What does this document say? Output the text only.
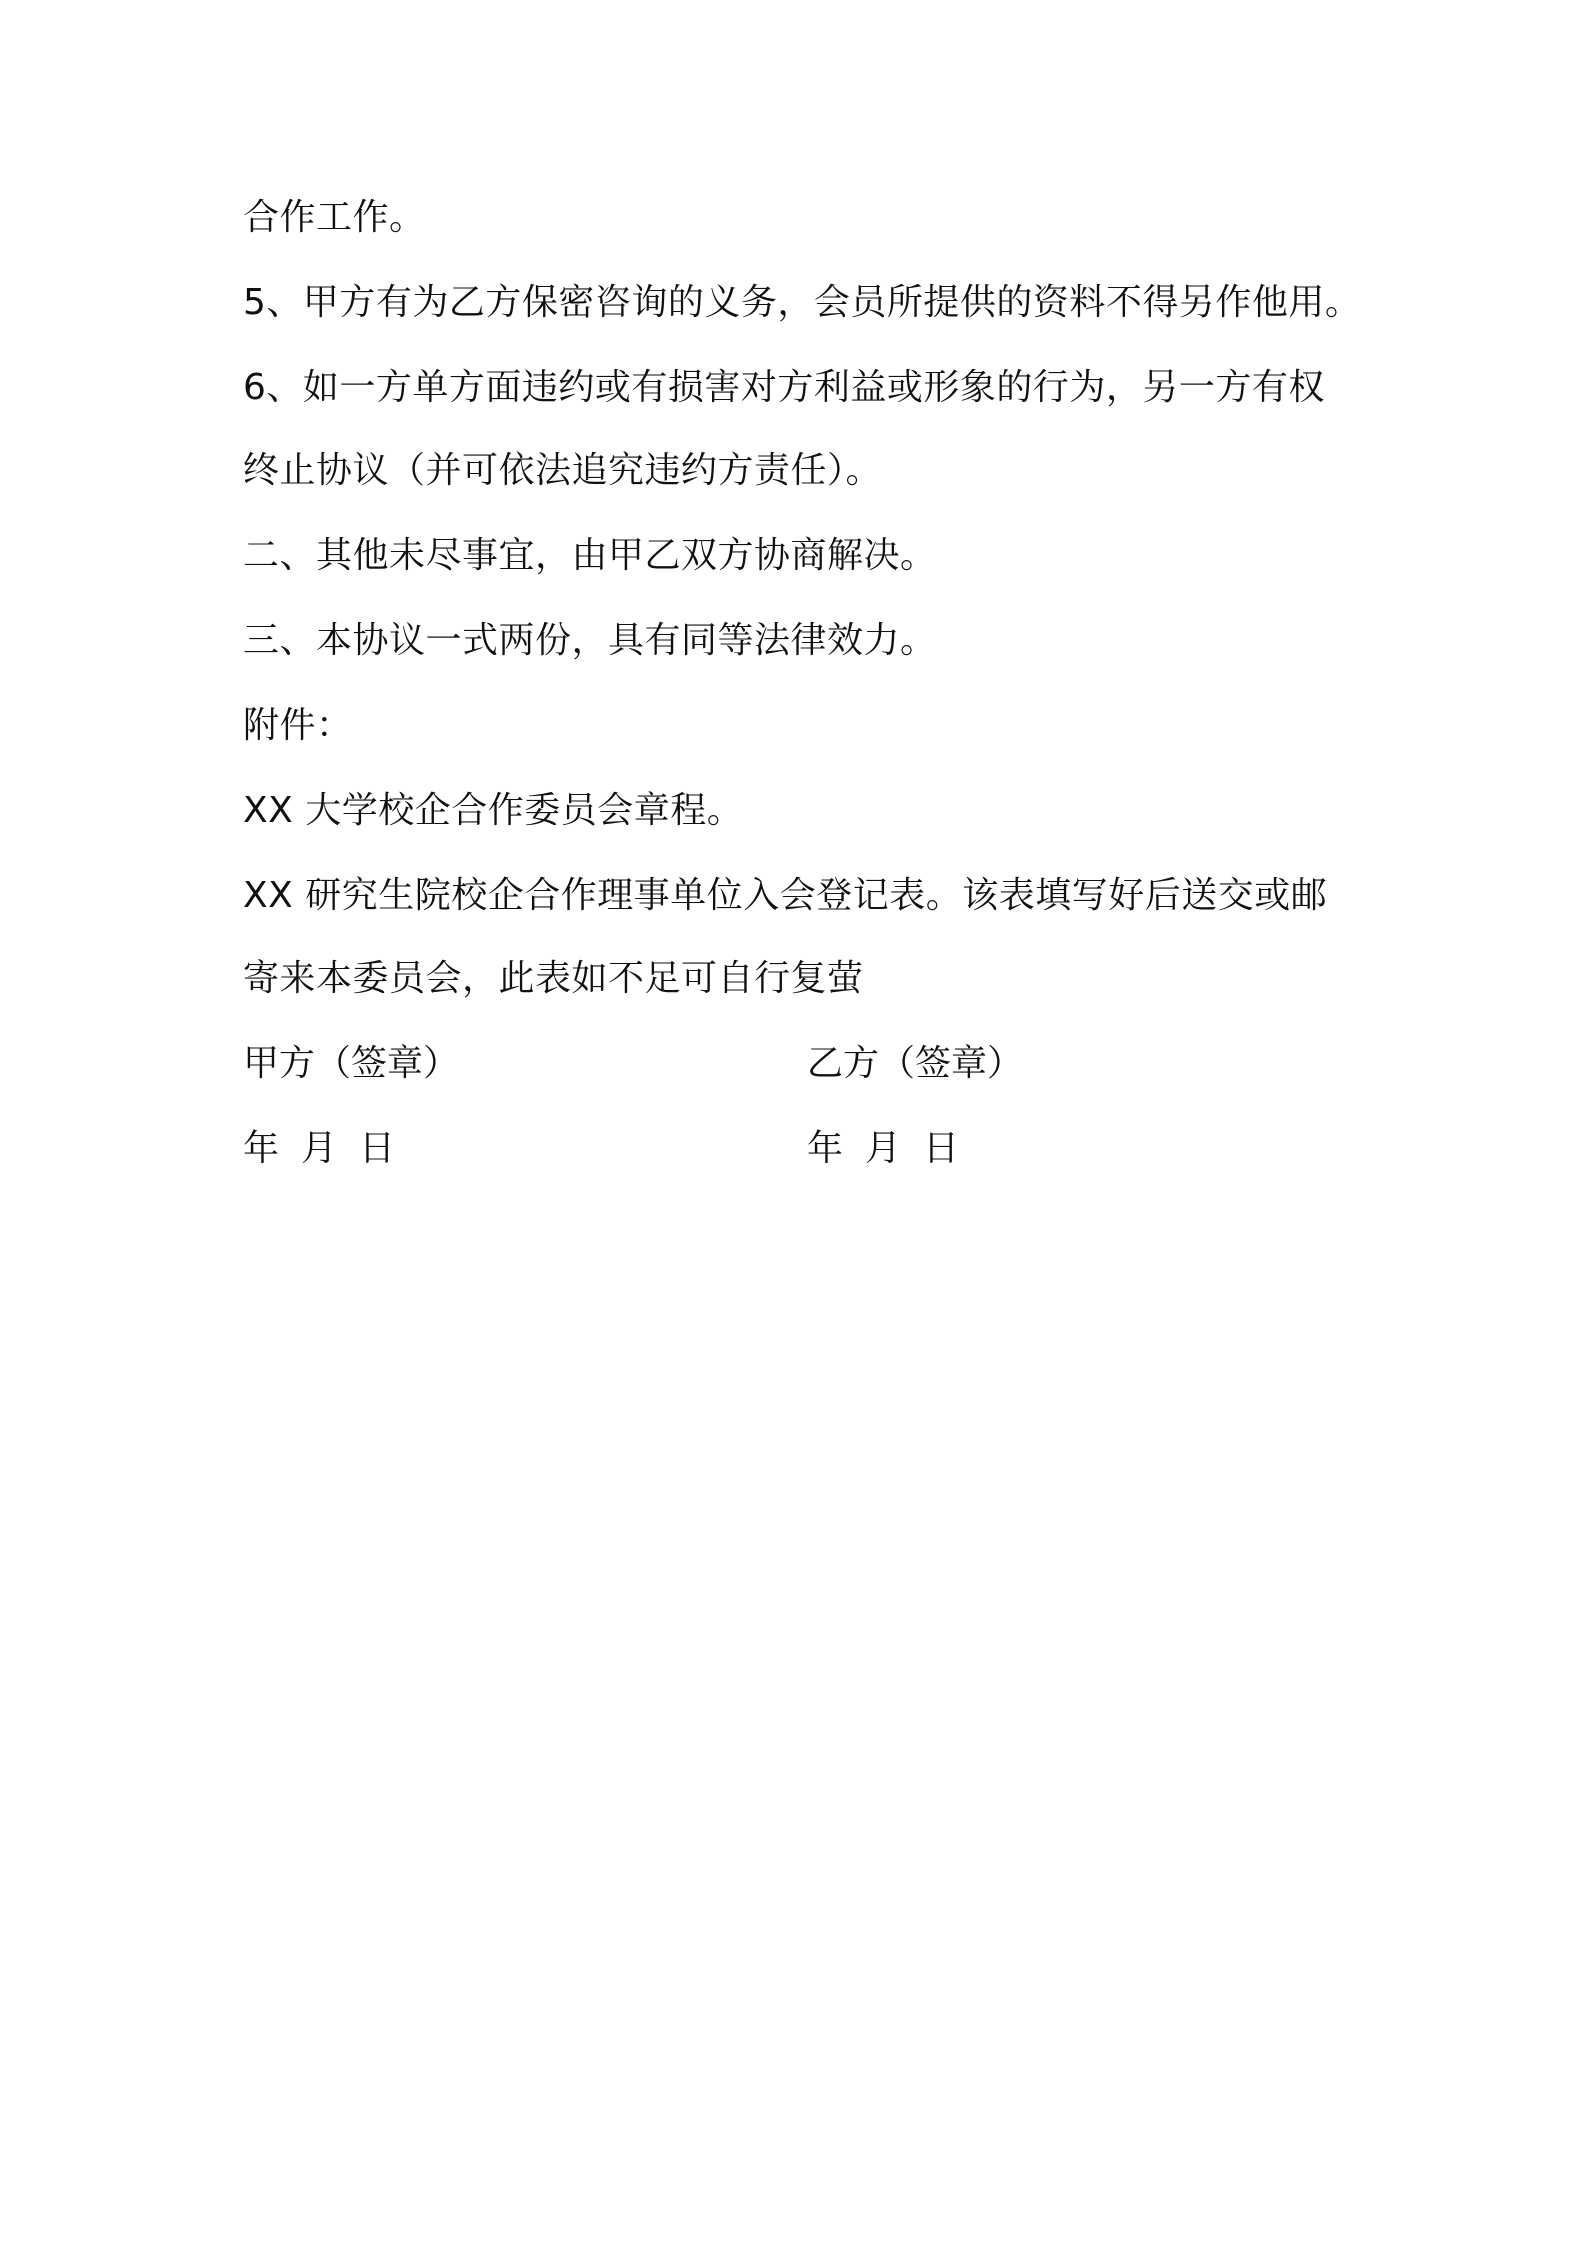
合作工作。
5、甲方有为乙方保密咨询的义务，会员所提供的资料不得另作他用。
6、如一方单方面违约或有损害对方利益或形象的行为，另一方有权
终止协议（并可依法追究违约方责任）。
二、其他未尽事宜，由甲乙双方协商解决。
三、本协议一式两份，具有同等法律效力。
附件：
XX 大学校企合作委员会章程。
XX 研究生院校企合作理事单位入会登记表。该表填写好后送交或邮
寄来本委员会，此表如不足可自行复萤
甲方（签章）	乙方（签章）
年 月 日	年 月 日
